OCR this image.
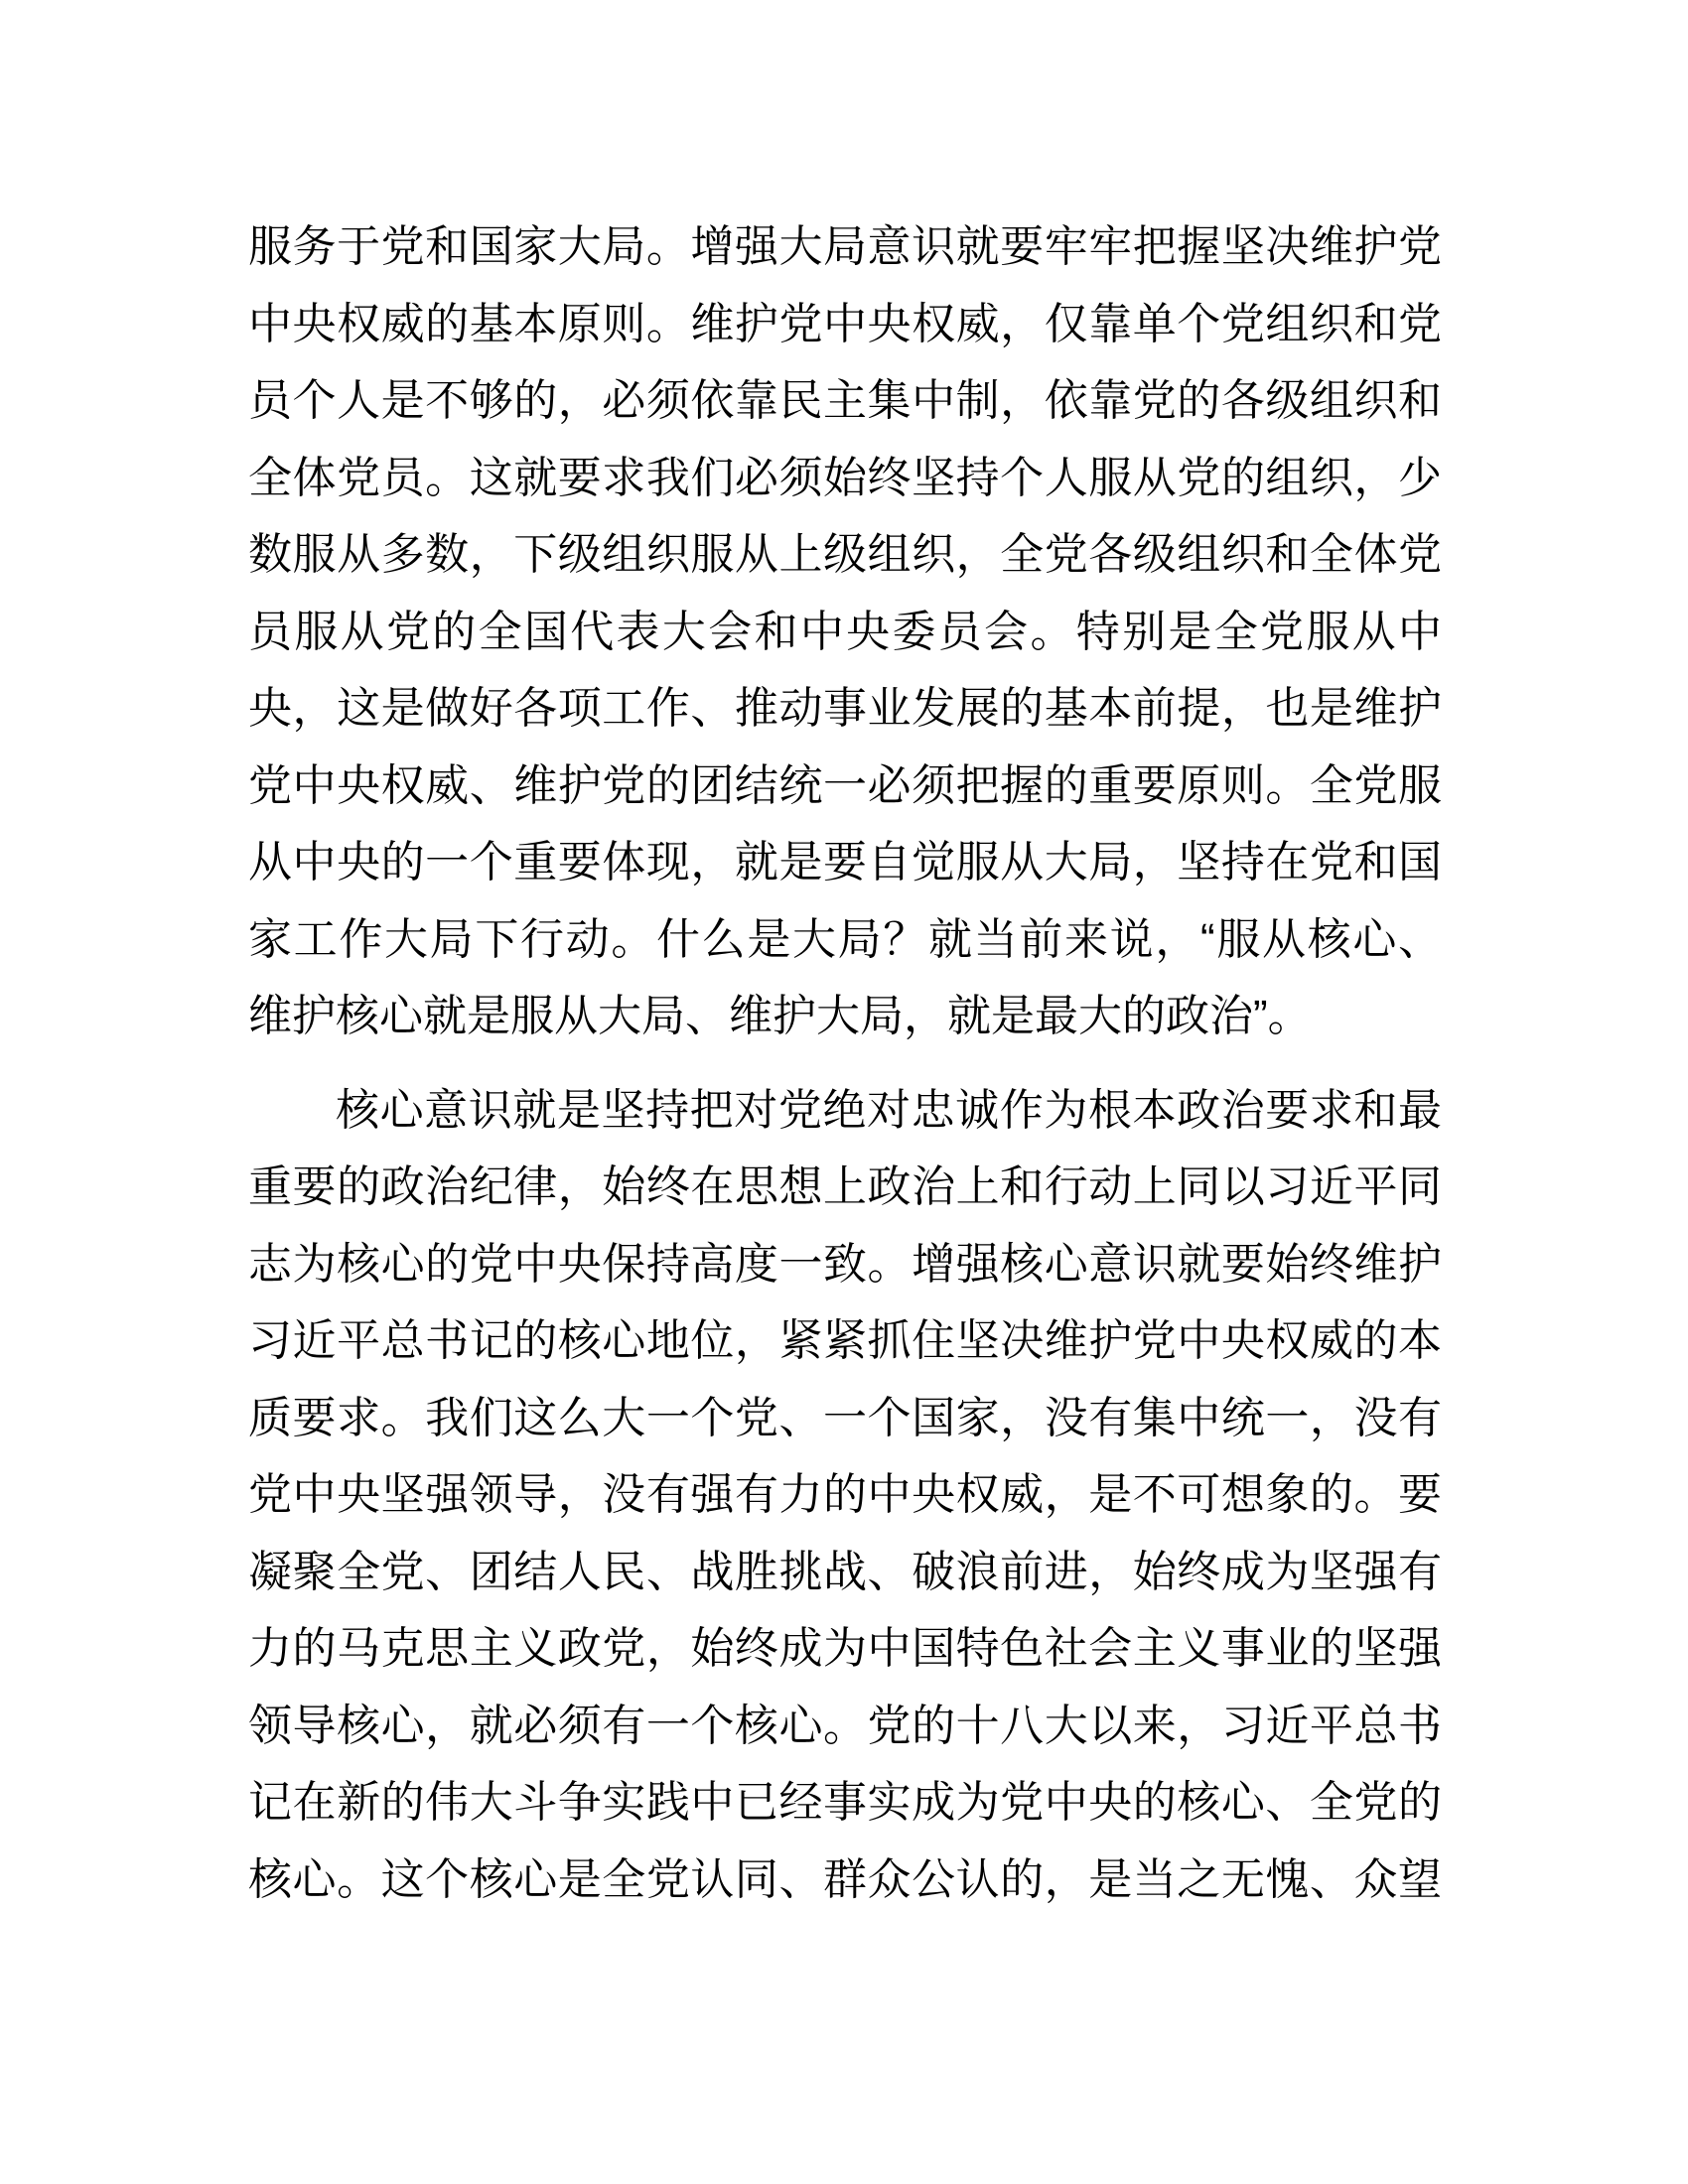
服务于党和国家大局。增强大局意识就要牢牢把握坚决维护党
中央权威的基本原则。维护党中央权威，仅靠单个党组织和党
员个人是不够的，必须依靠民主集中制，依靠党的各级组织和
全体党员。这就要求我们必须始终坚持个人服从党的组织，少
数服从多数，下级组织服从上级组织，全党各级组织和全体党
员服从党的全国代表大会和中央委员会。特别是全党服从中
央，这是做好各项工作、推动事业发展的基本前提，也是维护
党中央权威、维护党的团结统一必须把握的重要原则。全党服
从中央的一个重要体现，就是要自觉服从大局，坚持在党和国
家工作大局下行动。什么是大局？就当前来说，“服从核心、
维护核心就是服从大局、维护大局，就是最大的政治”。
核心意识就是坚持把对党绝对忠诚作为根本政治要求和最
重要的政治纪律，始终在思想上政治上和行动上同以习近平同
志为核心的党中央保持高度一致。增强核心意识就要始终维护
习近平总书记的核心地位，紧紧抓住坚决维护党中央权威的本
质要求。我们这么大一个党、一个国家，没有集中统一，没有
党中央坚强领导，没有强有力的中央权威，是不可想象的。要
凝聚全党、团结人民、战胜挑战、破浪前进，始终成为坚强有
力的马克思主义政党，始终成为中国特色社会主义事业的坚强
领导核心，就必须有一个核心。党的十八大以来，习近平总书
记在新的伟大斗争实践中已经事实成为党中央的核心、全党的
核心。这个核心是全党认同、群众公认的，是当之无愧、众望
